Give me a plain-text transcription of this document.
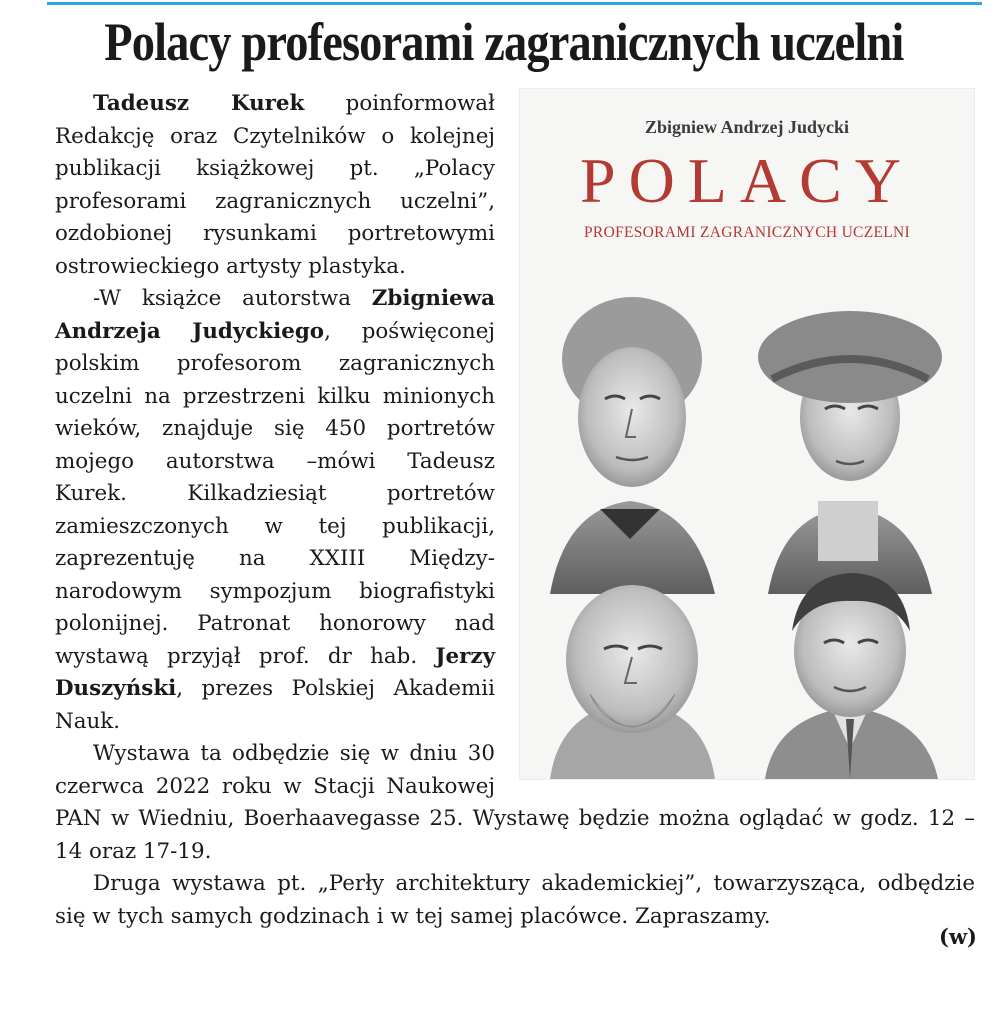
Polacy profesorami zagranicznych uczelni
Zbigniew Andrzej Judycki
POLACY
PROFESORAMI ZAGRANICZNYCH UCZELNI

Tadeusz Kurek poinformował Redakcję oraz Czytelników o kolejnej publikacji książkowej pt. „Polacy profesorami zagranicznych uczelni”, ozdobionej rysunkami portretowymi ostrowieckiego artysty plastyka.

-W książce autorstwa Zbigniewa Andrzeja Judyckiego, poświęconej polskim profesorom zagranicznych uczelni na przestrzeni kilku minionych wieków, znajduje się 450 portretów mojego autorstwa –mówi Tadeusz Kurek. Kilkadziesiąt portretów zamieszczonych w tej publikacji, zaprezentuję na XXIII Międzynarodowym sympozjum biografistyki polonijnej. Patronat honorowy nad wystawą przyjął prof. dr hab. Jerzy Duszyński, prezes Polskiej Akademii Nauk.

Wystawa ta odbędzie się w dniu 30 czerwca 2022 roku w Stacji Naukowej PAN w Wiedniu, Boerhaavegasse 25. Wystawę będzie można oglądać w godz. 12 – 14 oraz 17-19.

Druga wystawa pt. „Perły architektury akademickiej”, towarzysząca, odbędzie się w tych samych godzinach i w tej samej placówce. Zapraszamy.

(w)
